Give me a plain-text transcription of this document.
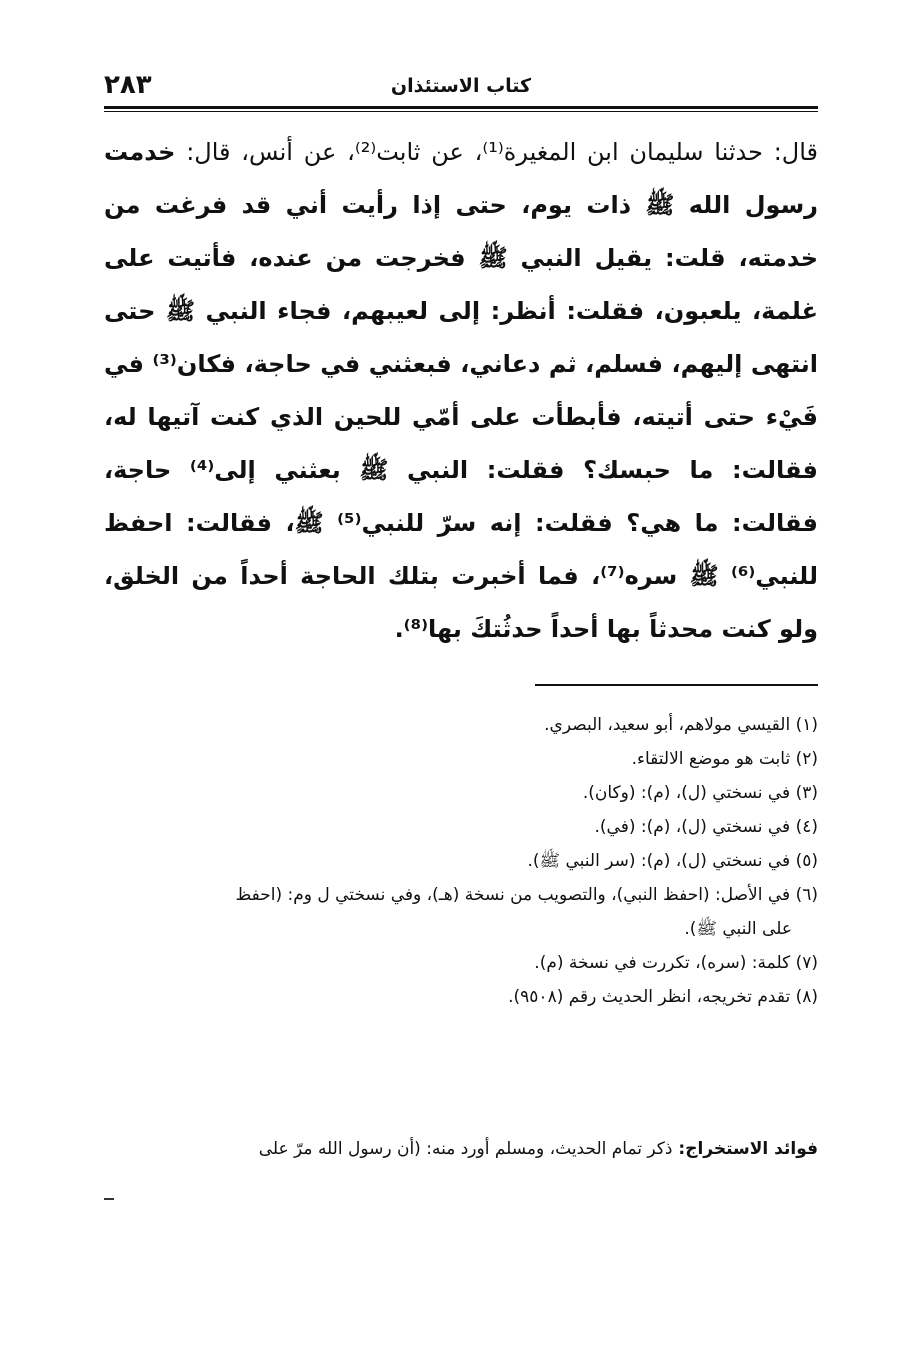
٢٨٣	كتاب الاستئذان
قال: حدثنا سليمان ابن المغيرة⁽¹⁾، عن ثابت⁽²⁾، عن أنس، قال: خدمت رسول الله ﷺ ذات يوم، حتى إذا رأيت أني قد فرغت من خدمته، قلت: يقيل النبي ﷺ فخرجت من عنده، فأتيت على غلمة، يلعبون، فقلت: أنظر: إلى لعيبهم، فجاء النبي ﷺ حتى انتهى إليهم، فسلم، ثم دعاني، فبعثني في حاجة، فكان⁽³⁾ في فَيْء حتى أتيته، فأبطأت على أمّي للحين الذي كنت آتيها له، فقالت: ما حبسك؟ فقلت: النبي ﷺ بعثني إلى⁽⁴⁾ حاجة، فقالت: ما هي؟ فقلت: إنه سرّ للنبي⁽⁵⁾ ﷺ، فقالت: احفظ للنبي⁽⁶⁾ ﷺ سره⁽⁷⁾، فما أخبرت بتلك الحاجة أحداً من الخلق، ولو كنت محدثاً بها أحداً حدثُتكَ بها⁽⁸⁾.

(١) القيسي مولاهم، أبو سعيد، البصري.

(٢) ثابت هو موضع الالتقاء.

(٣) في نسختي (ل)، (م): (وكان).

(٤) في نسختي (ل)، (م): (في).

(٥) في نسختي (ل)، (م): (سر النبي ﷺ).

(٦) في الأصل: (احفظ النبي)، والتصويب من نسخة (هـ)، وفي نسختي ل وم: (احفظ

على النبي ﷺ).

(٧) كلمة: (سره)، تكررت في نسخة (م).

(٨) تقدم تخريجه، انظر الحديث رقم (٩٥٠٨).

فوائد الاستخراج: ذكر تمام الحديث، ومسلم أورد منه: (أن رسول الله مرّ على
